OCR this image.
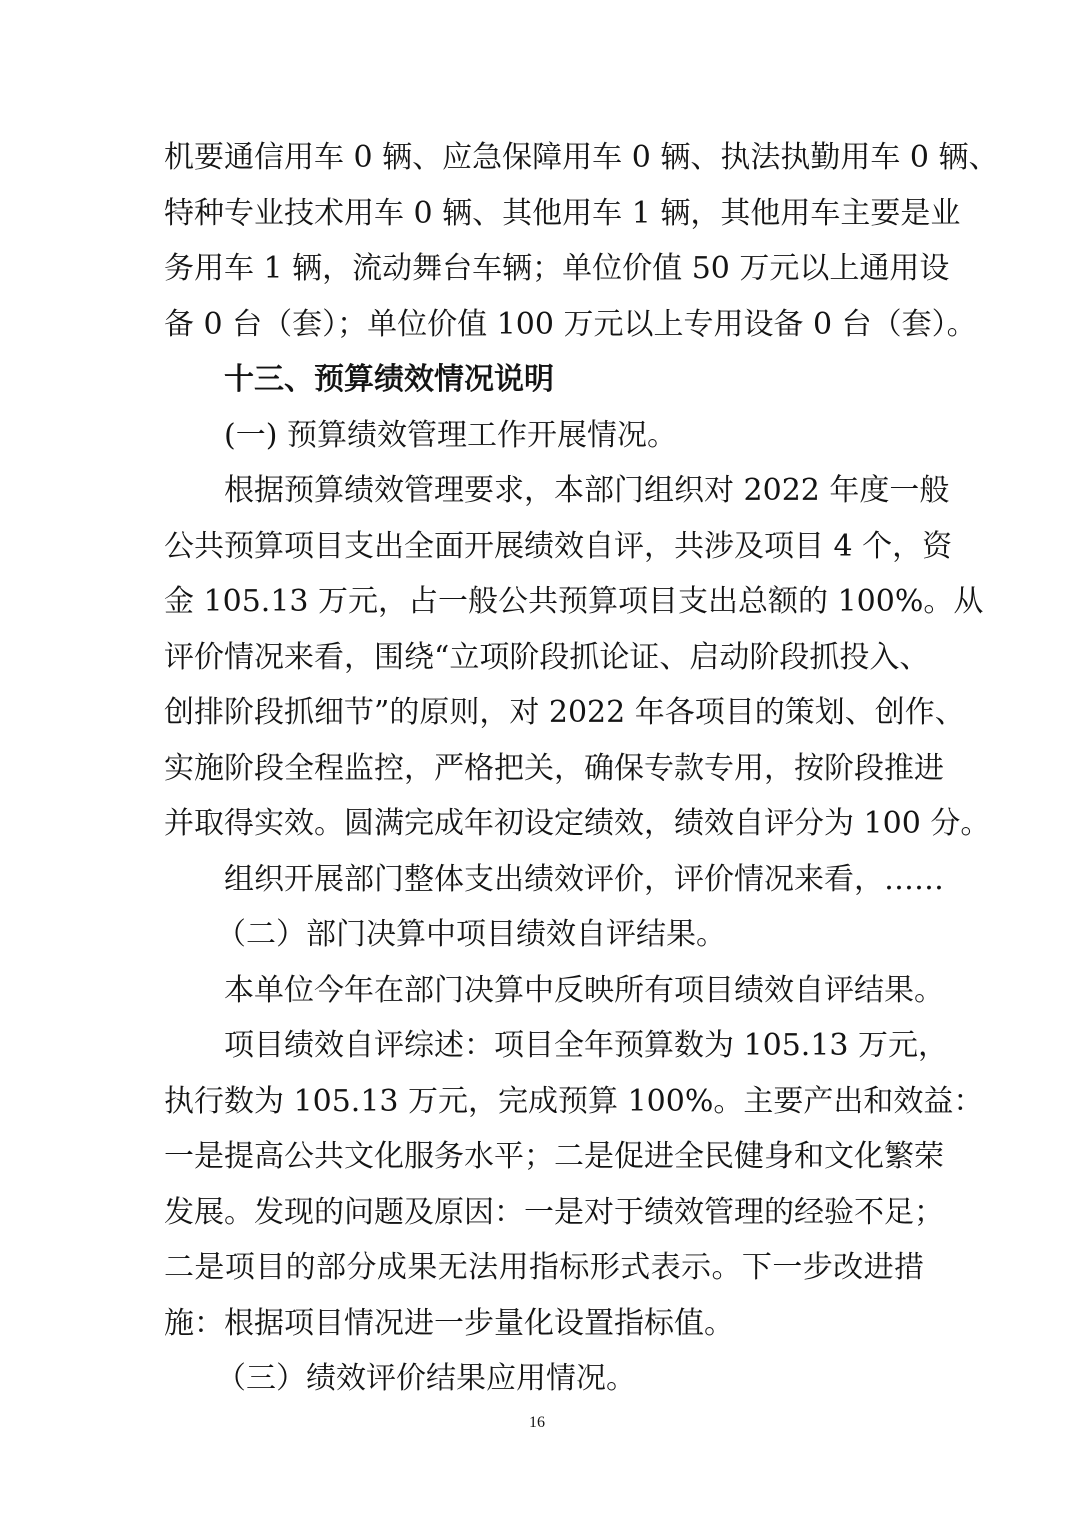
机要通信用车 0 辆、应急保障用车 0 辆、执法执勤用车 0 辆、
特种专业技术用车 0 辆、其他用车 1 辆，其他用车主要是业
务用车 1 辆，流动舞台车辆；单位价值 50 万元以上通用设
备 0 台（套）；单位价值 100 万元以上专用设备 0 台（套）。
十三、预算绩效情况说明
(一) 预算绩效管理工作开展情况。
根据预算绩效管理要求，本部门组织对 2022 年度一般
公共预算项目支出全面开展绩效自评，共涉及项目 4 个，资
金 105.13 万元，占一般公共预算项目支出总额的 100%。从
评价情况来看，围绕“立项阶段抓论证、启动阶段抓投入、
创排阶段抓细节”的原则，对 2022 年各项目的策划、创作、
实施阶段全程监控，严格把关，确保专款专用，按阶段推进
并取得实效。圆满完成年初设定绩效，绩效自评分为 100 分。
组织开展部门整体支出绩效评价，评价情况来看，……
（二）部门决算中项目绩效自评结果。
本单位今年在部门决算中反映所有项目绩效自评结果。
项目绩效自评综述：项目全年预算数为 105.13 万元，
执行数为 105.13 万元，完成预算 100%。主要产出和效益：
一是提高公共文化服务水平；二是促进全民健身和文化繁荣
发展。发现的问题及原因：一是对于绩效管理的经验不足；
二是项目的部分成果无法用指标形式表示。下一步改进措
施：根据项目情况进一步量化设置指标值。
（三）绩效评价结果应用情况。
16
